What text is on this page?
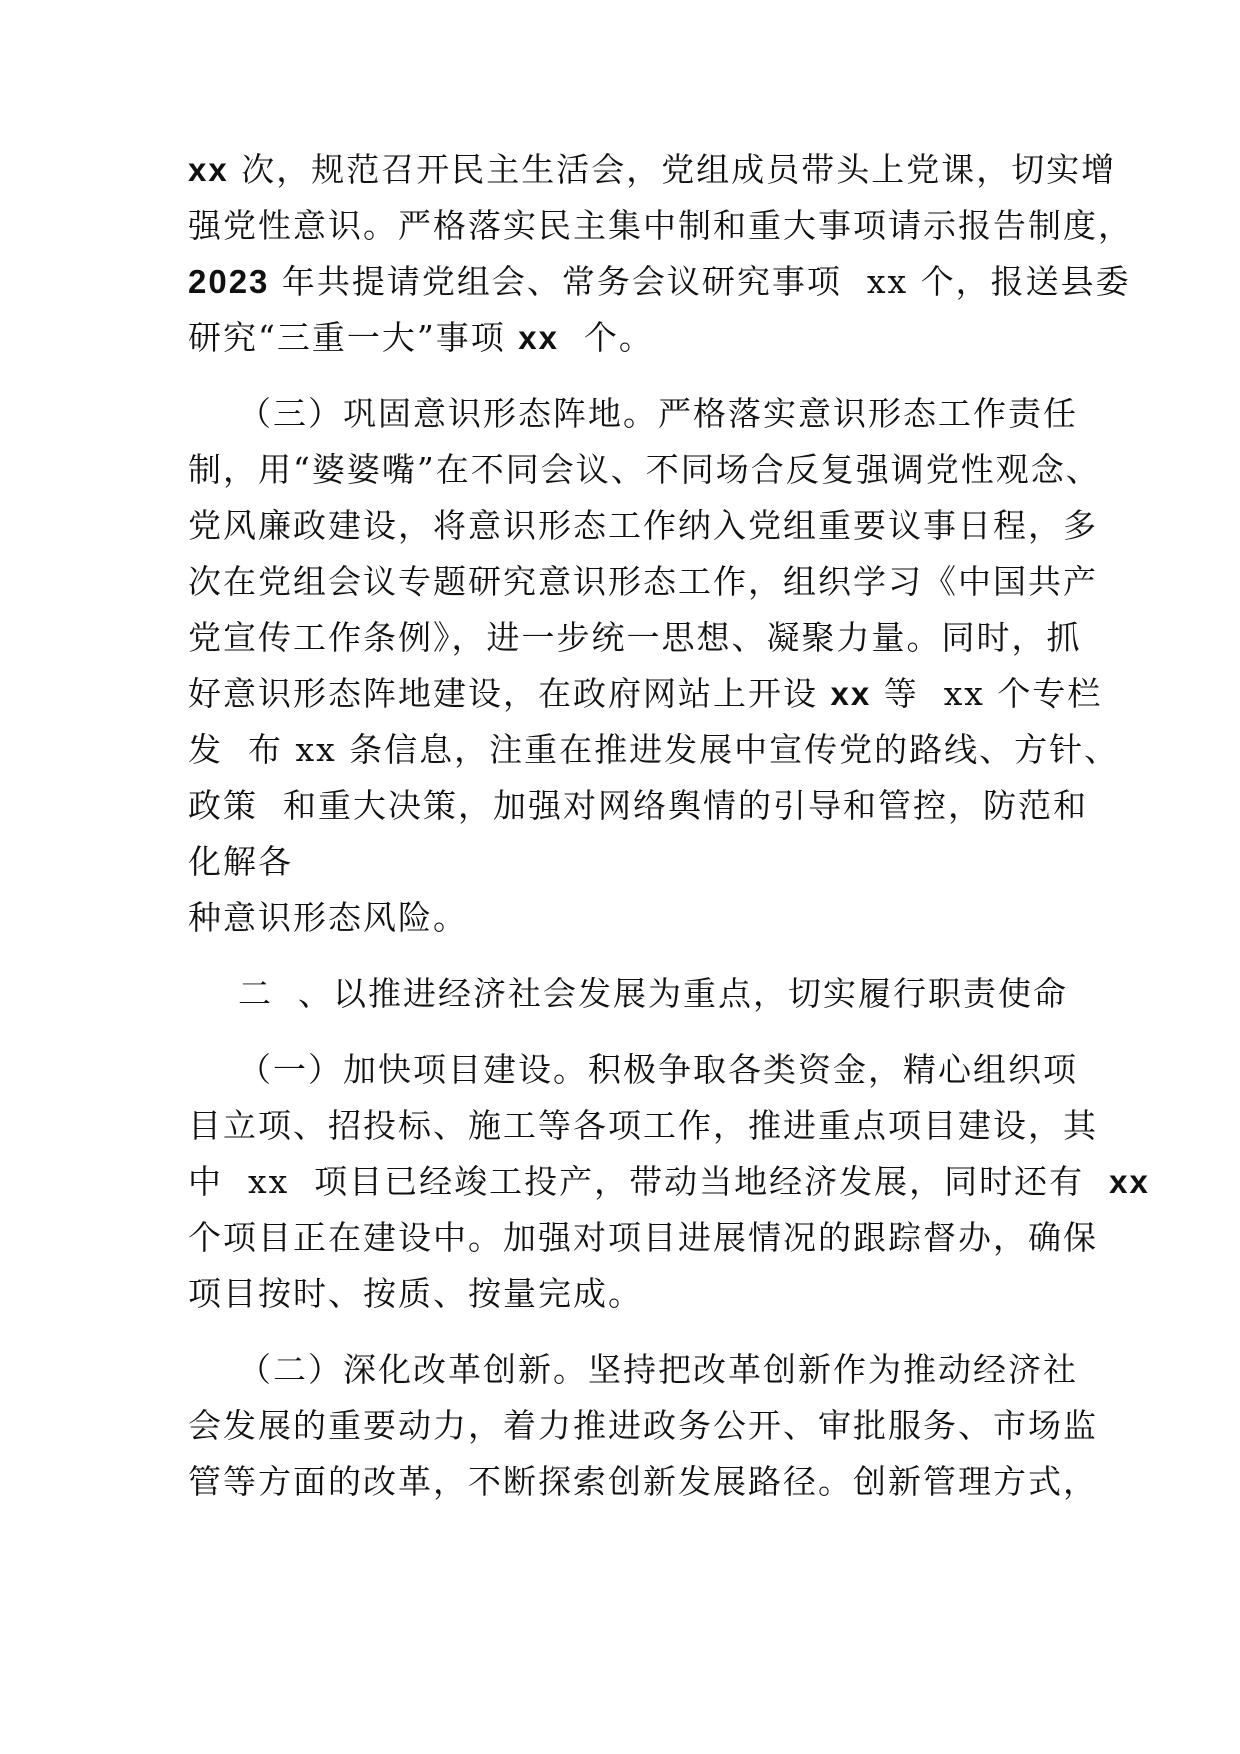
xx 次，规范召开民主生活会，党组成员带头上党课，切实增
强党性意识。严格落实民主集中制和重大事项请示报告制度，
2023 年共提请党组会、常务会议研究事项  xx 个，报送县委
研究“三重一大”事项 xx  个。
（三）巩固意识形态阵地。严格落实意识形态工作责任
制，用“婆婆嘴”在不同会议、不同场合反复强调党性观念、
党风廉政建设，将意识形态工作纳入党组重要议事日程，多
次在党组会议专题研究意识形态工作，组织学习《中国共产
党宣传工作条例》，进一步统一思想、凝聚力量。同时，抓
好意识形态阵地建设，在政府网站上开设 xx 等  xx 个专栏
发  布 xx 条信息，注重在推进发展中宣传党的路线、方针、
政策  和重大决策，加强对网络舆情的引导和管控，防范和
化解各
种意识形态风险。
二  、以推进经济社会发展为重点，切实履行职责使命
（一）加快项目建设。积极争取各类资金，精心组织项
目立项、招投标、施工等各项工作，推进重点项目建设，其
中  xx  项目已经竣工投产，带动当地经济发展，同时还有  xx
个项目正在建设中。加强对项目进展情况的跟踪督办，确保
项目按时、按质、按量完成。
（二）深化改革创新。坚持把改革创新作为推动经济社
会发展的重要动力，着力推进政务公开、审批服务、市场监
管等方面的改革，不断探索创新发展路径。创新管理方式，
